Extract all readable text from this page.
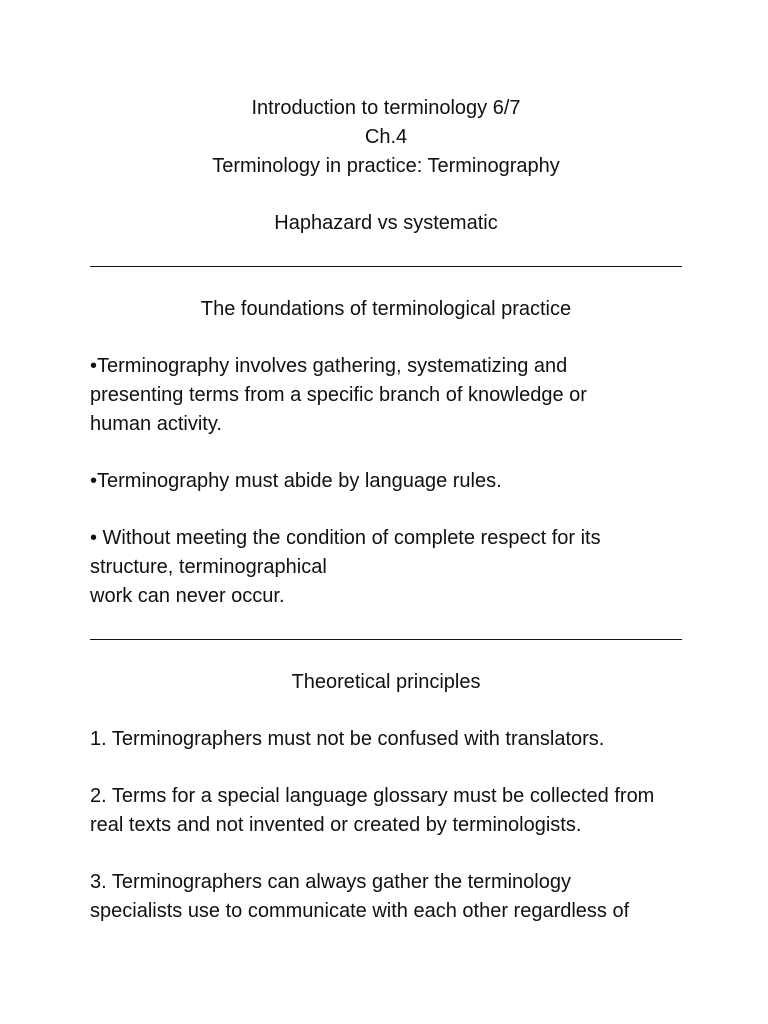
Introduction to terminology 6/7
Ch.4
Terminology in practice: Terminography
Haphazard vs systematic
The foundations of terminological practice

•Terminography involves gathering, systematizing and
presenting terms from a specific branch of knowledge or
human activity.

•Terminography must abide by language rules.

• Without meeting the condition of complete respect for its
structure, terminographical
work can never occur.

Theoretical principles

1. Terminographers must not be confused with translators.

2. Terms for a special language glossary must be collected from
real texts and not invented or created by terminologists.

3. Terminographers can always gather the terminology
specialists use to communicate with each other regardless of
